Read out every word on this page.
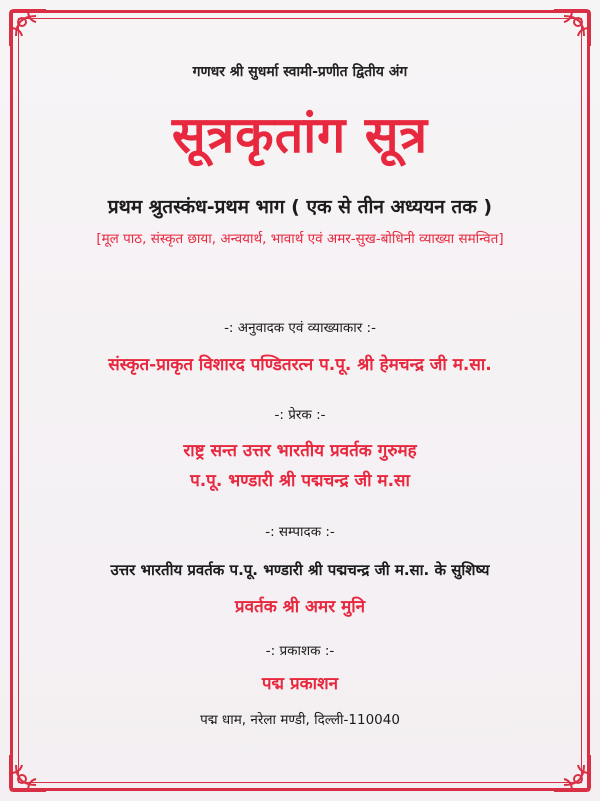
गणधर श्री सुधर्मा स्वामी-प्रणीत द्वितीय अंग
सूत्रकृतांग सूत्र
प्रथम श्रुतस्कंध-प्रथम भाग ( एक से तीन अध्ययन तक )
[मूल पाठ, संस्कृत छाया, अन्वयार्थ, भावार्थ एवं अमर-सुख-बोधिनी व्याख्या समन्वित]
-: अनुवादक एवं व्याख्याकार :-
संस्कृत-प्राकृत विशारद पण्डितरत्न प.पू. श्री हेमचन्द्र जी म.सा.
-: प्रेरक :-
राष्ट्र सन्त उत्तर भारतीय प्रवर्तक गुरुमह
प.पू. भण्डारी श्री पद्मचन्द्र जी म.सा
-: सम्पादक :-
उत्तर भारतीय प्रवर्तक प.पू. भण्डारी श्री पद्मचन्द्र जी म.सा. के सुशिष्य
प्रवर्तक श्री अमर मुनि
-: प्रकाशक :-
पद्म प्रकाशन
पद्म धाम, नरेला मण्डी, दिल्ली-110040
